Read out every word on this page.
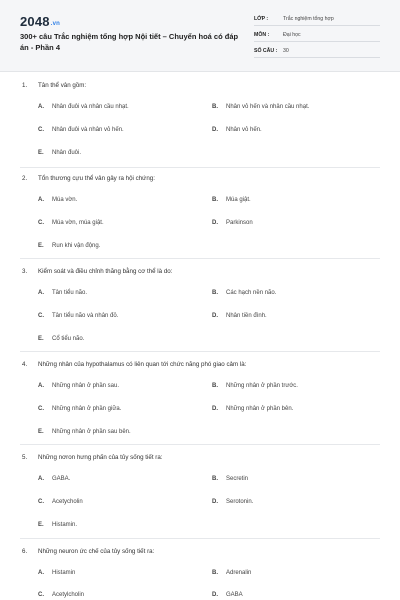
2048.vn
300+ câu Trắc nghiệm tổng hợp Nội tiết – Chuyển hoá có đáp án - Phần 4
LỚP :	Trắc nghiệm tổng hợp
MÔN :	Đại học
SỐ CÂU : 30
1. Tân thể vân gồm:
A. Nhân đuôi và nhân cầu nhạt.	B. Nhân vỏ hến và nhân cầu nhạt.
C. Nhân đuôi và nhân vỏ hến.	D. Nhân vỏ hến.
E. Nhân đuôi.
2. Tổn thương cựu thể vân gây ra hội chứng:
A. Múa vờn.	B. Múa giật.
C. Múa vờn, múa giật.	D. Parkinson
E. Run khi vận động.
3. Kiểm soát và điều chỉnh thăng bằng cơ thể là do:
A. Tân tiểu não.	B. Các hạch nền não.
C. Tân tiểu não và nhân đỏ.	D. Nhân tiền đình.
E. Cổ tiểu não.
4. Những nhân của hypothalamus có liên quan tới chức năng phó giao cảm là:
A. Những nhân ở phần sau.	B. Những nhân ở phần trước.
C. Những nhân ở phần giữa.	D. Những nhân ở phần bên.
E. Những nhân ở phần sau bên.
5. Những nơron hưng phấn của tủy sống tiết ra:
A. GABA.	B. Secretin
C. Acetycholin	D. Serotonin.
E. Histamin.
6. Những neuron ức chế của tủy sống tiết ra:
A. Histamin	B. Adrenalin
C. Acetylcholin	D. GABA
